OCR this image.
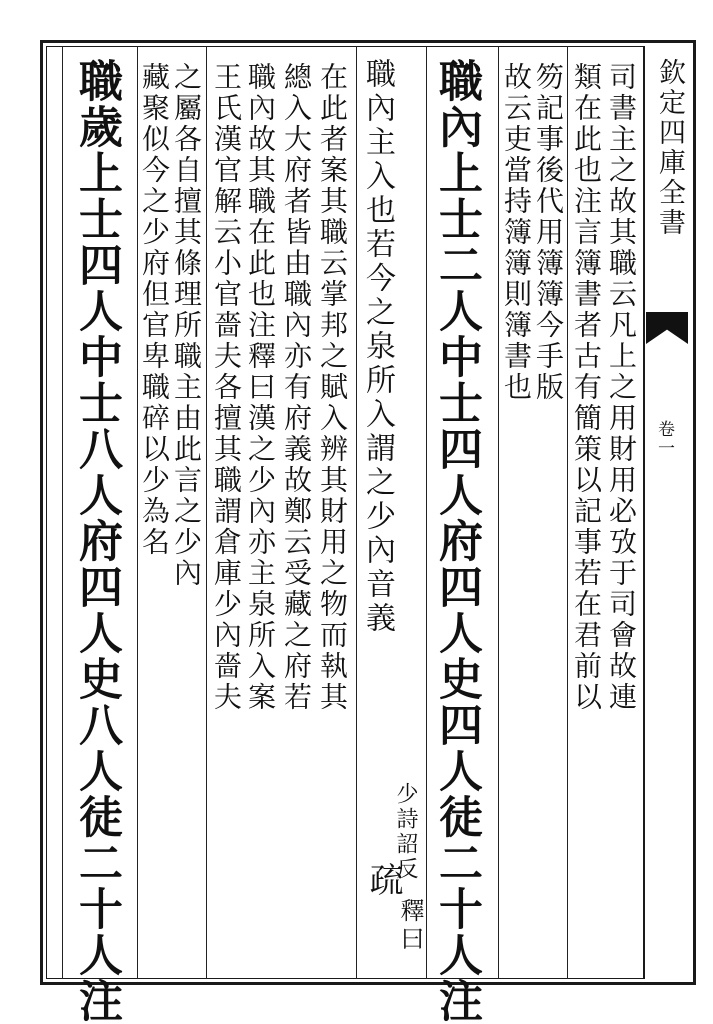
欽定四庫全書
卷一
司書主之故其職云凡上之用財用必攷于司會故連
類在此也注言簿書者古有簡策以記事若在君前以
笏記事後代用簿簿今手版
故云吏當持簿簿則簿書也
職內上士二人中士四人府四人史四人徒二十人注
職內主入也若今之泉所入謂之少內音義
少詩詔反
疏
釋曰
在此者案其職云掌邦之賦入辨其財用之物而執其
總入大府者皆由職內亦有府義故鄭云受藏之府若
職內故其職在此也注釋曰漢之少內亦主泉所入案
王氏漢官解云小官嗇夫各擅其職謂倉庫少內嗇夫
之屬各自擅其條理所職主由此言之少內
藏聚似今之少府但官卑職碎以少為名
職歲上士四人中士八人府四人史八人徒二十人注
